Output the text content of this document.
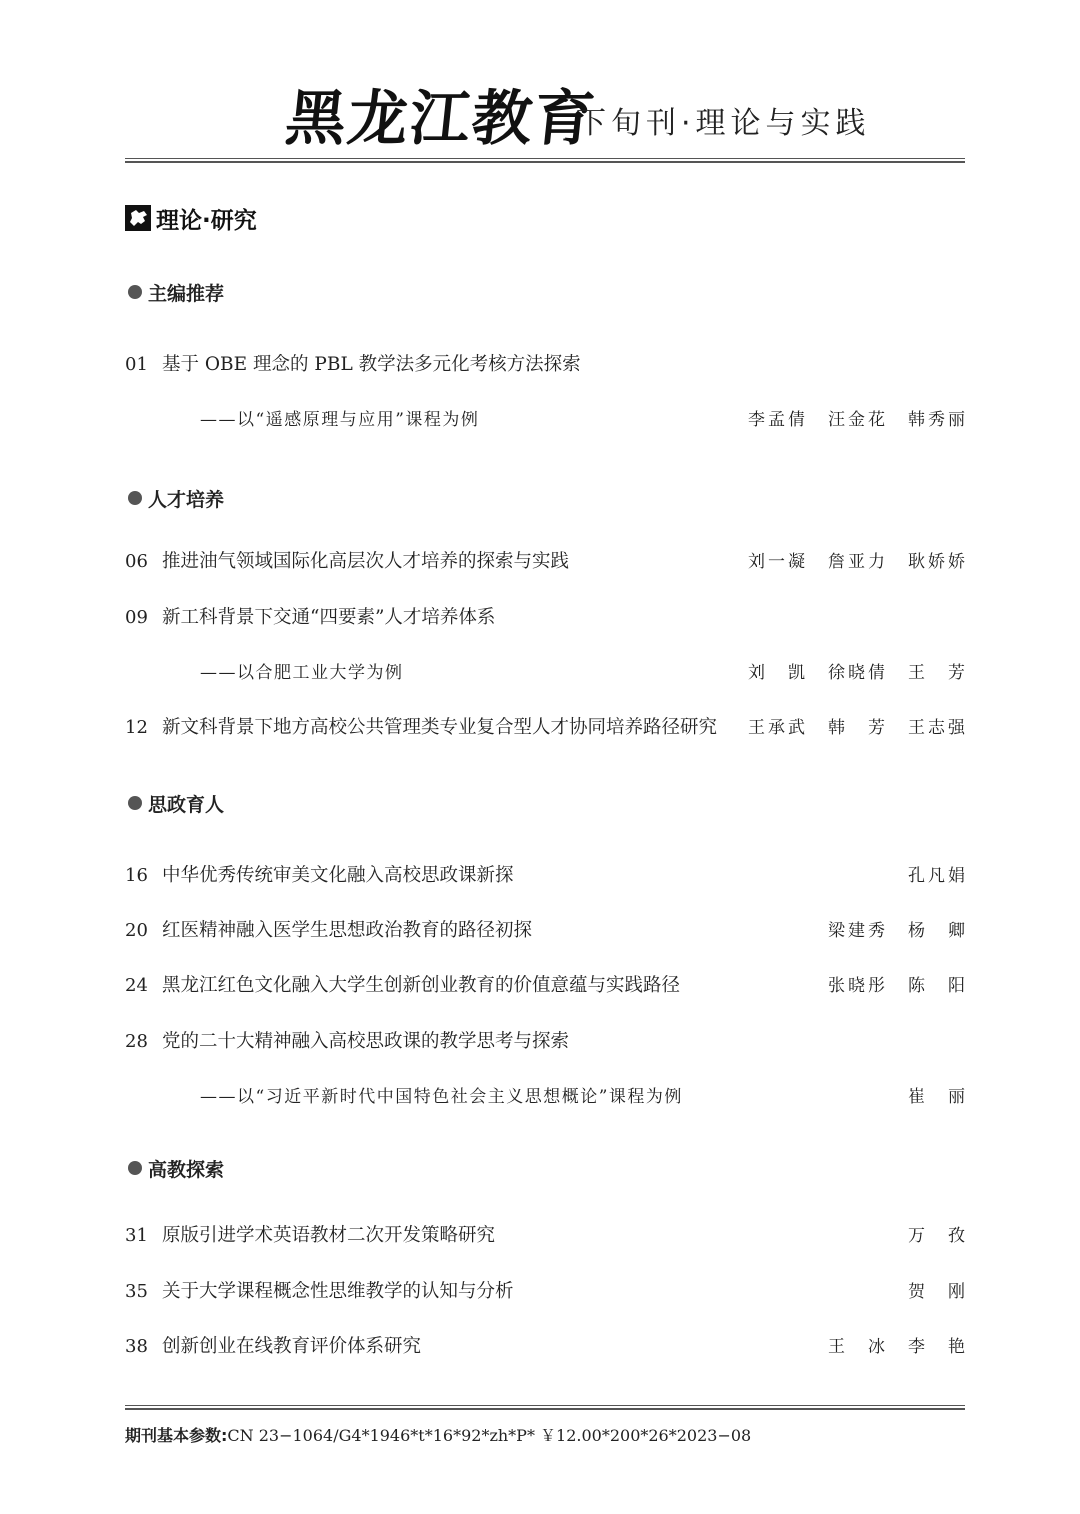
黑龙江教育
下旬刊·理论与实践
理论·研究
主编推荐
01 基于 OBE 理念的 PBL 教学法多元化考核方法探索
——以“遥感原理与应用”课程为例	李孟倩　汪金花　韩秀丽
人才培养
06 推进油气领域国际化高层次人才培养的探索与实践	刘一凝　詹亚力　耿娇娇
09 新工科背景下交通“四要素”人才培养体系
——以合肥工业大学为例	刘　凯　徐晓倩　王　芳
12 新文科背景下地方高校公共管理类专业复合型人才协同培养路径研究 王承武　韩　芳　王志强
思政育人
16 中华优秀传统审美文化融入高校思政课新探	孔凡娟
20 红医精神融入医学生思想政治教育的路径初探	梁建秀　杨　卿
24 黑龙江红色文化融入大学生创新创业教育的价值意蕴与实践路径	张晓彤　陈　阳
28 党的二十大精神融入高校思政课的教学思考与探索
——以“习近平新时代中国特色社会主义思想概论”课程为例	崔　丽
高教探索
31 原版引进学术英语教材二次开发策略研究	万　孜
35 关于大学课程概念性思维教学的认知与分析	贺　刚
38 创新创业在线教育评价体系研究	王　冰　李　艳
期刊基本参数:CN 23−1064/G4*1946*t*16*92*zh*P* ￥12.00*200*26*2023−08
